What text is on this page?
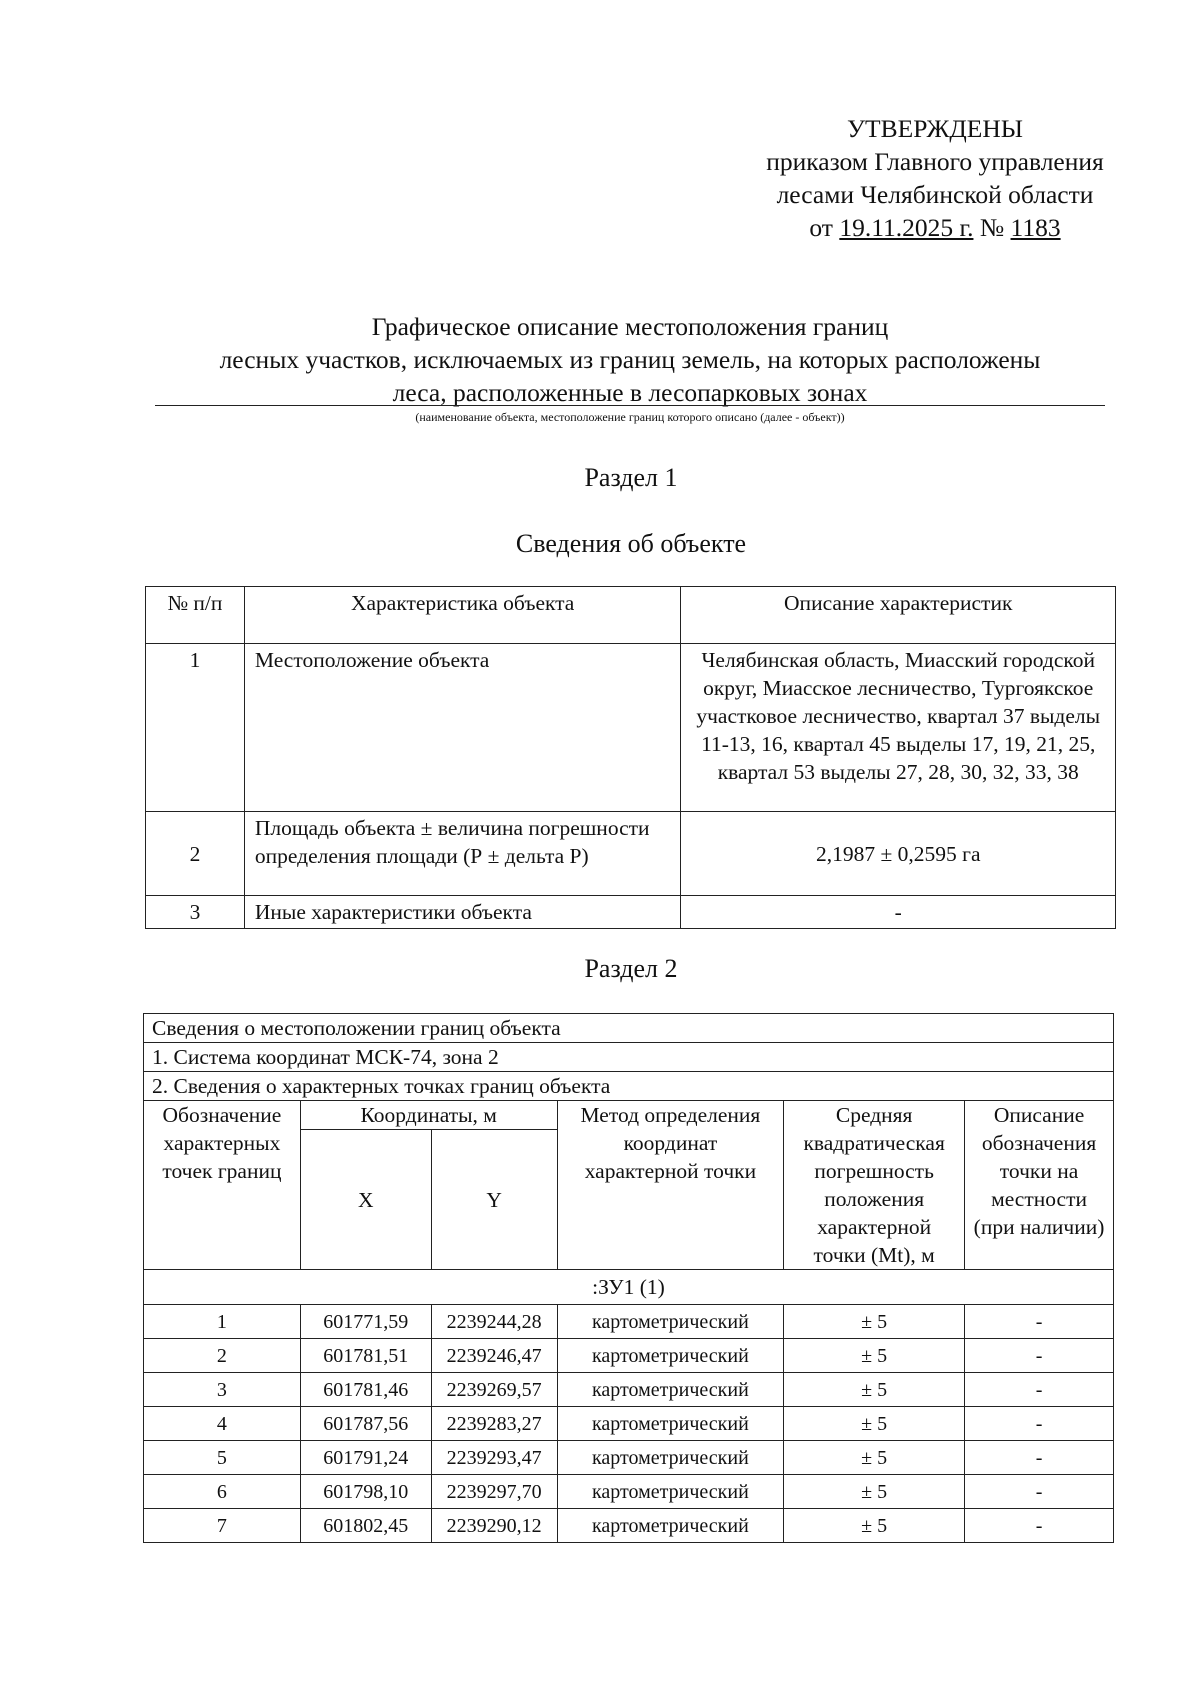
УТВЕРЖДЕНЫ
приказом Главного управления
лесами Челябинской области
от 19.11.2025 г. № 1183
Графическое описание местоположения границ
лесных участков, исключаемых из границ земель, на которых расположены
леса, расположенные в лесопарковых зонах
(наименование объекта, местоположение границ которого описано (далее - объект))
Раздел 1
Сведения об объекте
№ п/п	Характеристика объекта	Описание характеристик
1	Местоположение объекта	Челябинская область, Миасский городской округ, Миасское лесничество, Тургоякское участковое лесничество, квартал 37 выделы 11-13, 16, квартал 45 выделы 17, 19, 21, 25, квартал 53 выделы 27, 28, 30, 32, 33, 38
2	Площадь объекта ± величина погрешности определения площади (Р ± дельта Р)	2,1987 ± 0,2595 га
3	Иные характеристики объекта	-
Раздел 2
Сведения о местоположении границ объекта					
1. Система координат МСК-74, зона 2					
2. Сведения о характерных точках границ объекта					
Обозначение характерных точек границ	Координаты, м		Метод определения координат характерной точки	Средняя квадратическая погрешность положения характерной точки (Mt), м	Описание обозначения точки на местности (при наличии)
	X	Y			
:ЗУ1 (1)					
1	601771,59	2239244,28	картометрический	± 5	-
2	601781,51	2239246,47	картометрический	± 5	-
3	601781,46	2239269,57	картометрический	± 5	-
4	601787,56	2239283,27	картометрический	± 5	-
5	601791,24	2239293,47	картометрический	± 5	-
6	601798,10	2239297,70	картометрический	± 5	-
7	601802,45	2239290,12	картометрический	± 5	-
